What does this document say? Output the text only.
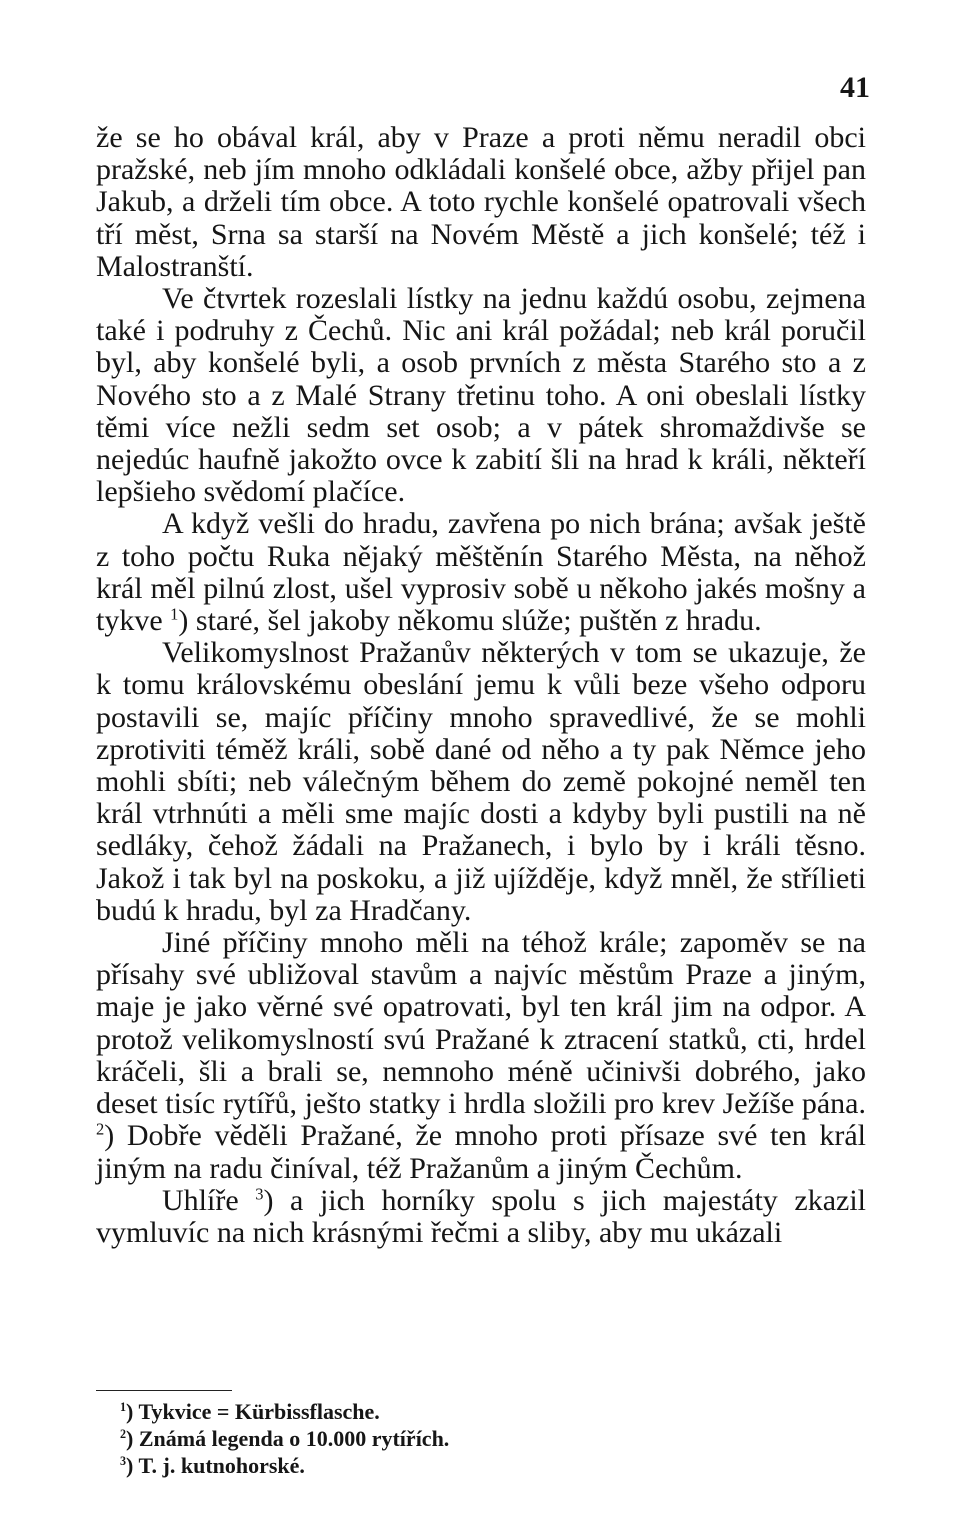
41

že se ho obával král, aby v Praze a proti němu neradil obci pražské, neb jím mnoho odkládali konšelé obce, ažby přijel pan Jakub, a drželi tím obce. A toto rychle konšelé opatrovali všech tří měst, Srna sa starší na Novém Městě a jich konšelé; též i Malostranští.

Ve čtvrtek rozeslali lístky na jednu každú osobu, zejmena také i podruhy z Čechů. Nic ani král požádal; neb král poručil byl, aby konšelé byli, a osob prvních z města Starého sto a z Nového sto a z Malé Strany třetinu toho. A oni obeslali lístky těmi více nežli sedm set osob; a v pátek shromaždivše se nejedúc haufně jakožto ovce k zabití šli na hrad k králi, někteří lepšieho svědomí plačíce.

A když vešli do hradu, zavřena po nich brána; avšak ještě z toho počtu Ruka nějaký měštěnín Starého Města, na něhož král měl pilnú zlost, ušel vyprosiv sobě u někoho jakés mošny a tykve $^1$) staré, šel jakoby někomu slúže; puštěn z hradu.

Velikomyslnost Pražanův některých v tom se ukazuje, že k tomu královskému obeslání jemu k vůli beze všeho odporu postavili se, majíc příčiny mnoho spravedlivé, že se mohli zprotiviti téměž králi, sobě dané od něho a ty pak Němce jeho mohli sbíti; neb válečným během do země pokojné neměl ten král vtrhnúti a měli sme majíc dosti a kdyby byli pustili na ně sedláky, čehož žádali na Pražanech, i bylo by i králi těsno. Jakož i tak byl na poskoku, a již ujížděje, když mněl, že střílieti budú k hradu, byl za Hradčany.

Jiné příčiny mnoho měli na téhož krále; zapoměv se na přísahy své ubližoval stavům a najvíc městům Praze a jiným, maje je jako věrné své opatrovati, byl ten král jim na odpor. A protož velikomyslností svú Pražané k ztracení statků, cti, hrdel kráčeli, šli a brali se, nemnoho méně učinivši dobrého, jako deset tisíc rytířů, ješto statky i hrdla složili pro krev Ježíše pána. $^2$) Dobře věděli Pražané, že mnoho proti přísaze své ten král jiným na radu činíval, též Pražanům a jiným Čechům.

Uhlíře $^3$) a jich horníky spolu s jich majestáty zkazil vymluvíc na nich krásnými řečmi a sliby, aby mu ukázali

$^1$) Tykvice = Kürbissflasche.

$^2$) Známá legenda o 10.000 rytířích.

$^3$) T. j. kutnohorské.
